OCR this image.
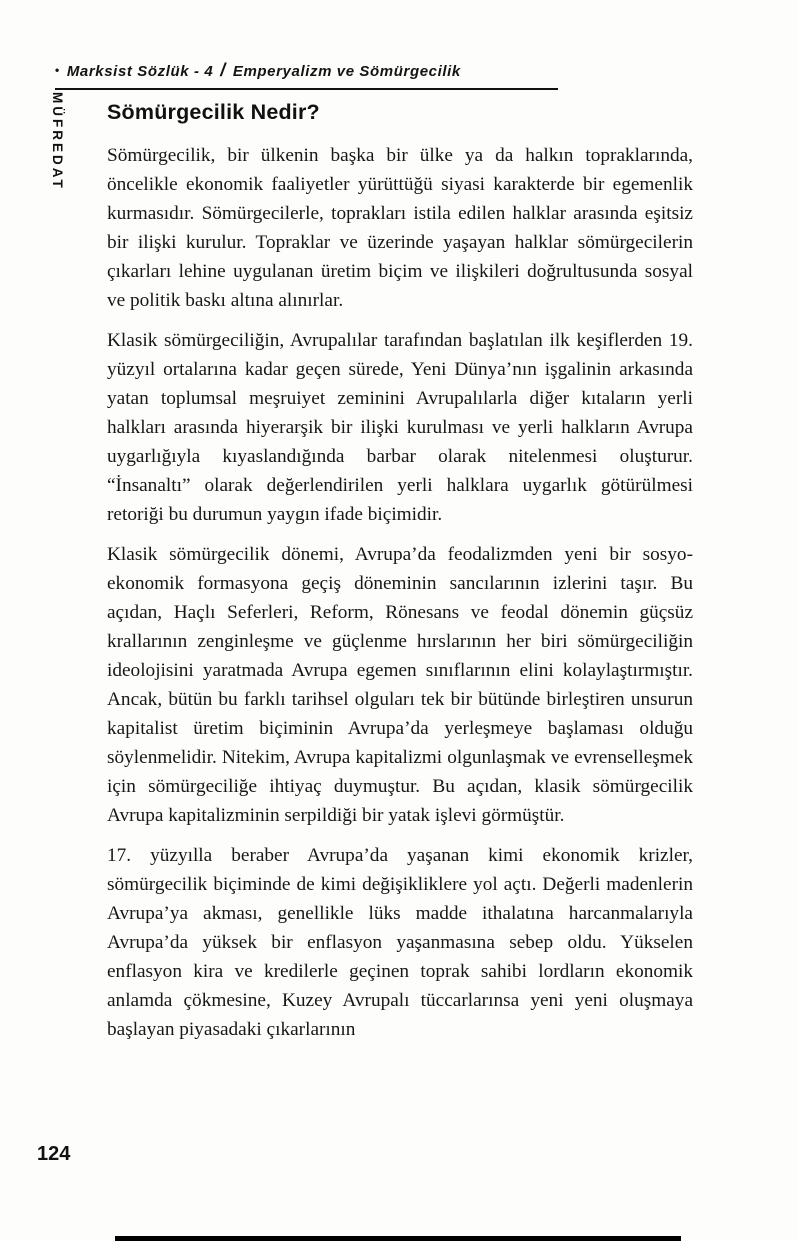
• Marksist Sözlük - 4 / Emperyalizm ve Sömürgecilik
MÜFREDAT Sömürgecilik Nedir?

Sömürgecilik, bir ülkenin başka bir ülke ya da halkın topraklarında, öncelikle ekonomik faaliyetler yürüttüğü siyasi karakterde bir egemenlik kurmasıdır. Sömürgecilerle, toprakları istila edilen halklar arasında eşitsiz bir ilişki kurulur. Topraklar ve üzerinde yaşayan halklar sömürgecilerin çıkarları lehine uygulanan üretim biçim ve ilişkileri doğrultusunda sosyal ve politik baskı altına alınırlar.

Klasik sömürgeciliğin, Avrupalılar tarafından başlatılan ilk keşiflerden 19. yüzyıl ortalarına kadar geçen sürede, Yeni Dünya’nın işgalinin arkasında yatan toplumsal meşruiyet zeminini Avrupalılarla diğer kıtaların yerli halkları arasında hiyerarşik bir ilişki kurulması ve yerli halkların Avrupa uygarlığıyla kıyaslandığında barbar olarak nitelenmesi oluşturur. “İnsanaltı” olarak değerlendirilen yerli halklara uygarlık götürülmesi retoriği bu durumun yaygın ifade biçimidir.

Klasik sömürgecilik dönemi, Avrupa’da feodalizmden yeni bir sosyo-ekonomik formasyona geçiş döneminin sancılarının izlerini taşır. Bu açıdan, Haçlı Seferleri, Reform, Rönesans ve feodal dönemin güçsüz krallarının zenginleşme ve güçlenme hırslarının her biri sömürgeciliğin ideolojisini yaratmada Avrupa egemen sınıflarının elini kolaylaştırmıştır. Ancak, bütün bu farklı tarihsel olguları tek bir bütünde birleştiren unsurun kapitalist üretim biçiminin Avrupa’da yerleşmeye başlaması olduğu söylenmelidir. Nitekim, Avrupa kapitalizmi olgunlaşmak ve evrenselleşmek için sömürgeciliğe ihtiyaç duymuştur. Bu açıdan, klasik sömürgecilik Avrupa kapitalizminin serpildiği bir yatak işlevi görmüştür.

17. yüzyılla beraber Avrupa’da yaşanan kimi ekonomik krizler, sömürgecilik biçiminde de kimi değişikliklere yol açtı. Değerli madenlerin Avrupa’ya akması, genellikle lüks madde ithalatına harcanmalarıyla Avrupa’da yüksek bir enflasyon yaşanmasına sebep oldu. Yükselen enflasyon kira ve kredilerle geçinen toprak sahibi lordların ekonomik anlamda çökmesine, Kuzey Avrupalı tüccarlarınsa yeni yeni oluşmaya başlayan piyasadaki çıkarlarının

124
